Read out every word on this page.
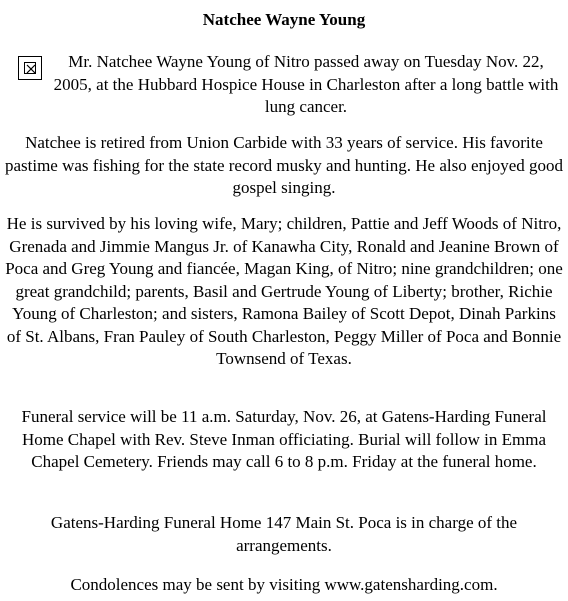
Natchee Wayne Young

Mr. Natchee Wayne Young of Nitro passed away on Tuesday Nov. 22, 2005, at the Hubbard Hospice House in Charleston after a long battle with lung cancer.

Natchee is retired from Union Carbide with 33 years of service. His favorite pastime was fishing for the state record musky and hunting. He also enjoyed good gospel singing.

He is survived by his loving wife, Mary; children, Pattie and Jeff Woods of Nitro, Grenada and Jimmie Mangus Jr. of Kanawha City, Ronald and Jeanine Brown of Poca and Greg Young and fiancée, Magan King, of Nitro; nine grandchildren; one great grandchild; parents, Basil and Gertrude Young of Liberty; brother, Richie Young of Charleston; and sisters, Ramona Bailey of Scott Depot, Dinah Parkins of St. Albans, Fran Pauley of South Charleston, Peggy Miller of Poca and Bonnie Townsend of Texas.

Funeral service will be 11 a.m. Saturday, Nov. 26, at Gatens-Harding Funeral Home Chapel with Rev. Steve Inman officiating. Burial will follow in Emma Chapel Cemetery. Friends may call 6 to 8 p.m. Friday at the funeral home.

Gatens-Harding Funeral Home 147 Main St. Poca is in charge of the arrangements.

Condolences may be sent by visiting www.gatensharding.com.
